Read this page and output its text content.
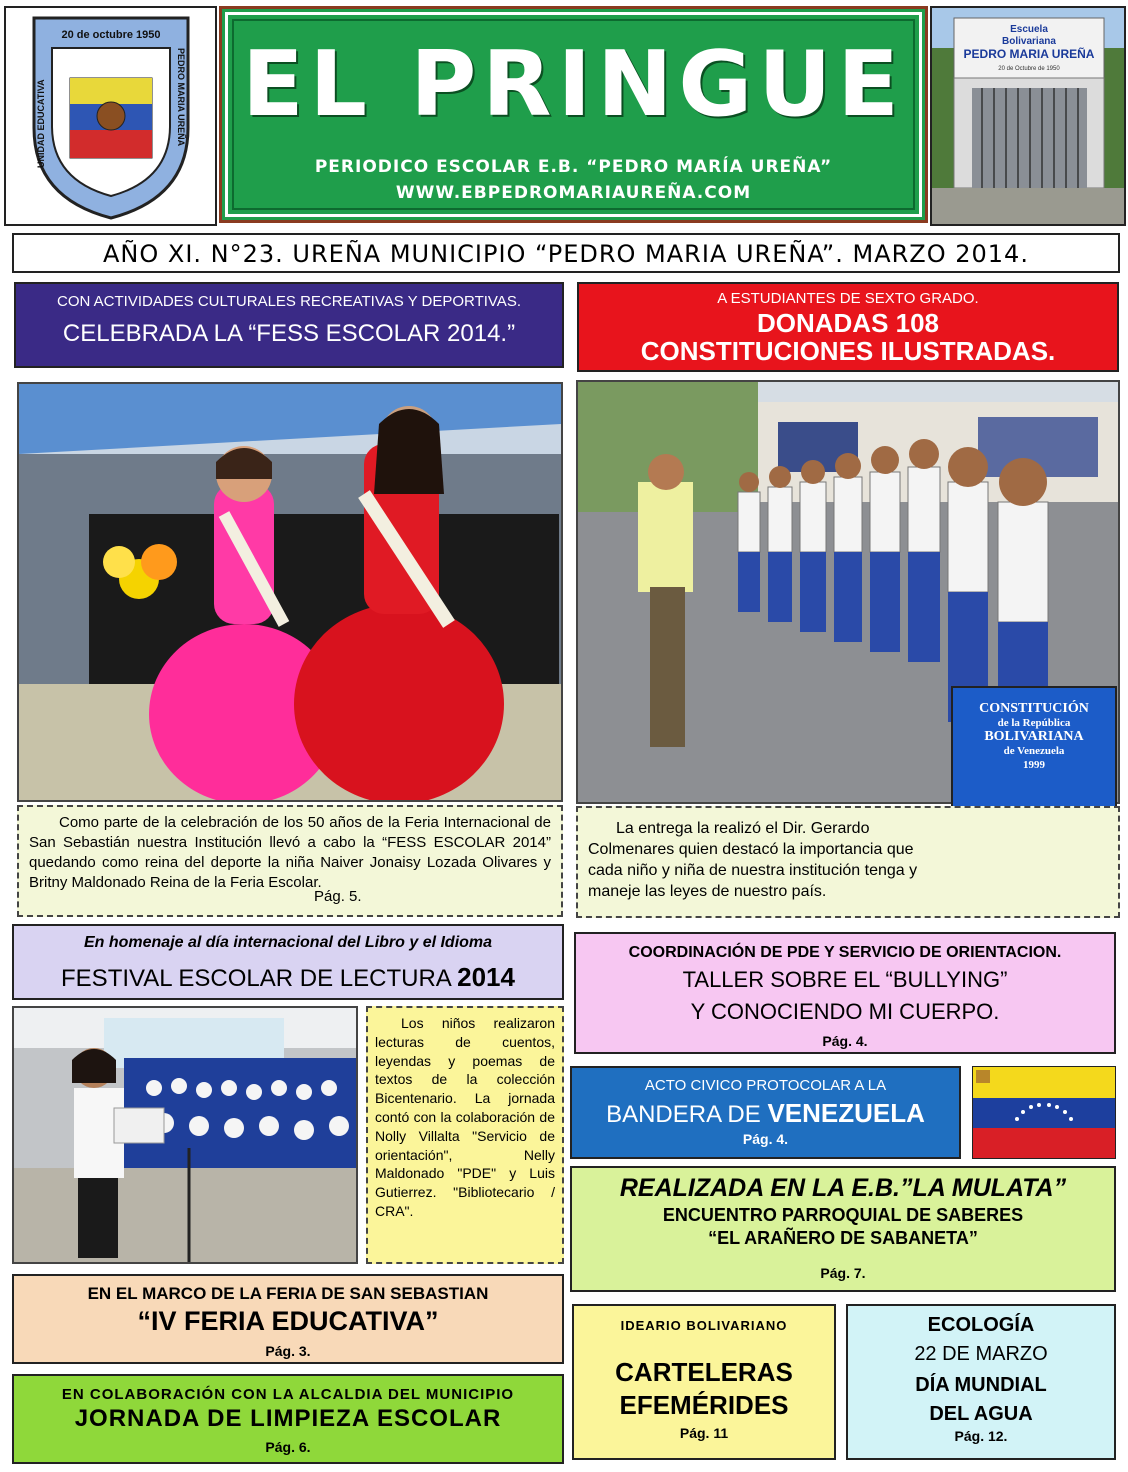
20 de octubre 1950
UNIDAD EDUCATIVA	PEDRO MARIA UREÑA EL PRINGUE
PERIODICO ESCOLAR E.B. “PEDRO MARÍA UREÑA”
WWW.EBPEDROMARIAUREÑA.COM
Escuela
Bolivariana
PEDRO MARIA UREÑA
20 de Octubre de 1950
AÑO XI. N°23. UREÑA MUNICIPIO “PEDRO MARIA UREÑA”. MARZO 2014.
CON ACTIVIDADES CULTURALES RECREATIVAS Y DEPORTIVAS.
CELEBRADA LA “FESS ESCOLAR 2014.”
Como parte de la celebración de los 50 años de la Feria Internacional de San Sebastián nuestra Institución llevó a cabo la “FESS ESCOLAR 2014” quedando como reina del deporte la niña Naiver Jonaisy Lozada Olivares y Britny Maldonado Reina de la Feria Escolar.
Pág. 5.
A ESTUDIANTES DE SEXTO GRADO.
DONADAS 108
CONSTITUCIONES ILUSTRADAS.
CONSTITUCIÓN
de la República
BOLIVARIANA
de Venezuela
1999
La entrega la realizó el Dir. Gerardo Colmenares quien destacó la importancia que cada niño y niña de nuestra institución tenga y maneje las leyes de nuestro país.
En homenaje al día internacional del Libro y el Idioma
FESTIVAL ESCOLAR DE LECTURA 2014
Los niños realizaron lecturas de cuentos, leyendas y poemas de textos de la colección Bicentenario. La jornada contó con la colaboración de Nolly Villalta "Servicio de orientación", Nelly Maldonado "PDE" y Luis Gutierrez. "Bibliotecario / CRA".
COORDINACIÓN DE PDE Y SERVICIO DE ORIENTACION.
TALLER SOBRE EL “BULLYING”
Y CONOCIENDO MI CUERPO.
Pág. 4.
ACTO CIVICO PROTOCOLAR A LA
BANDERA DE VENEZUELA
Pág. 4.
REALIZADA EN LA E.B.”LA MULATA”
ENCUENTRO PARROQUIAL DE SABERES
“EL ARAÑERO DE SABANETA”
Pág. 7.
EN EL MARCO DE LA FERIA DE SAN SEBASTIAN
“IV FERIA EDUCATIVA”
Pág. 3.
EN COLABORACIÓN CON LA ALCALDIA DEL MUNICIPIO
JORNADA DE LIMPIEZA ESCOLAR
Pág. 6.
IDEARIO BOLIVARIANO
CARTELERAS
EFEMÉRIDES
Pág. 11
ECOLOGÍA
22 DE MARZO
DÍA MUNDIAL
DEL AGUA
Pág. 12.
